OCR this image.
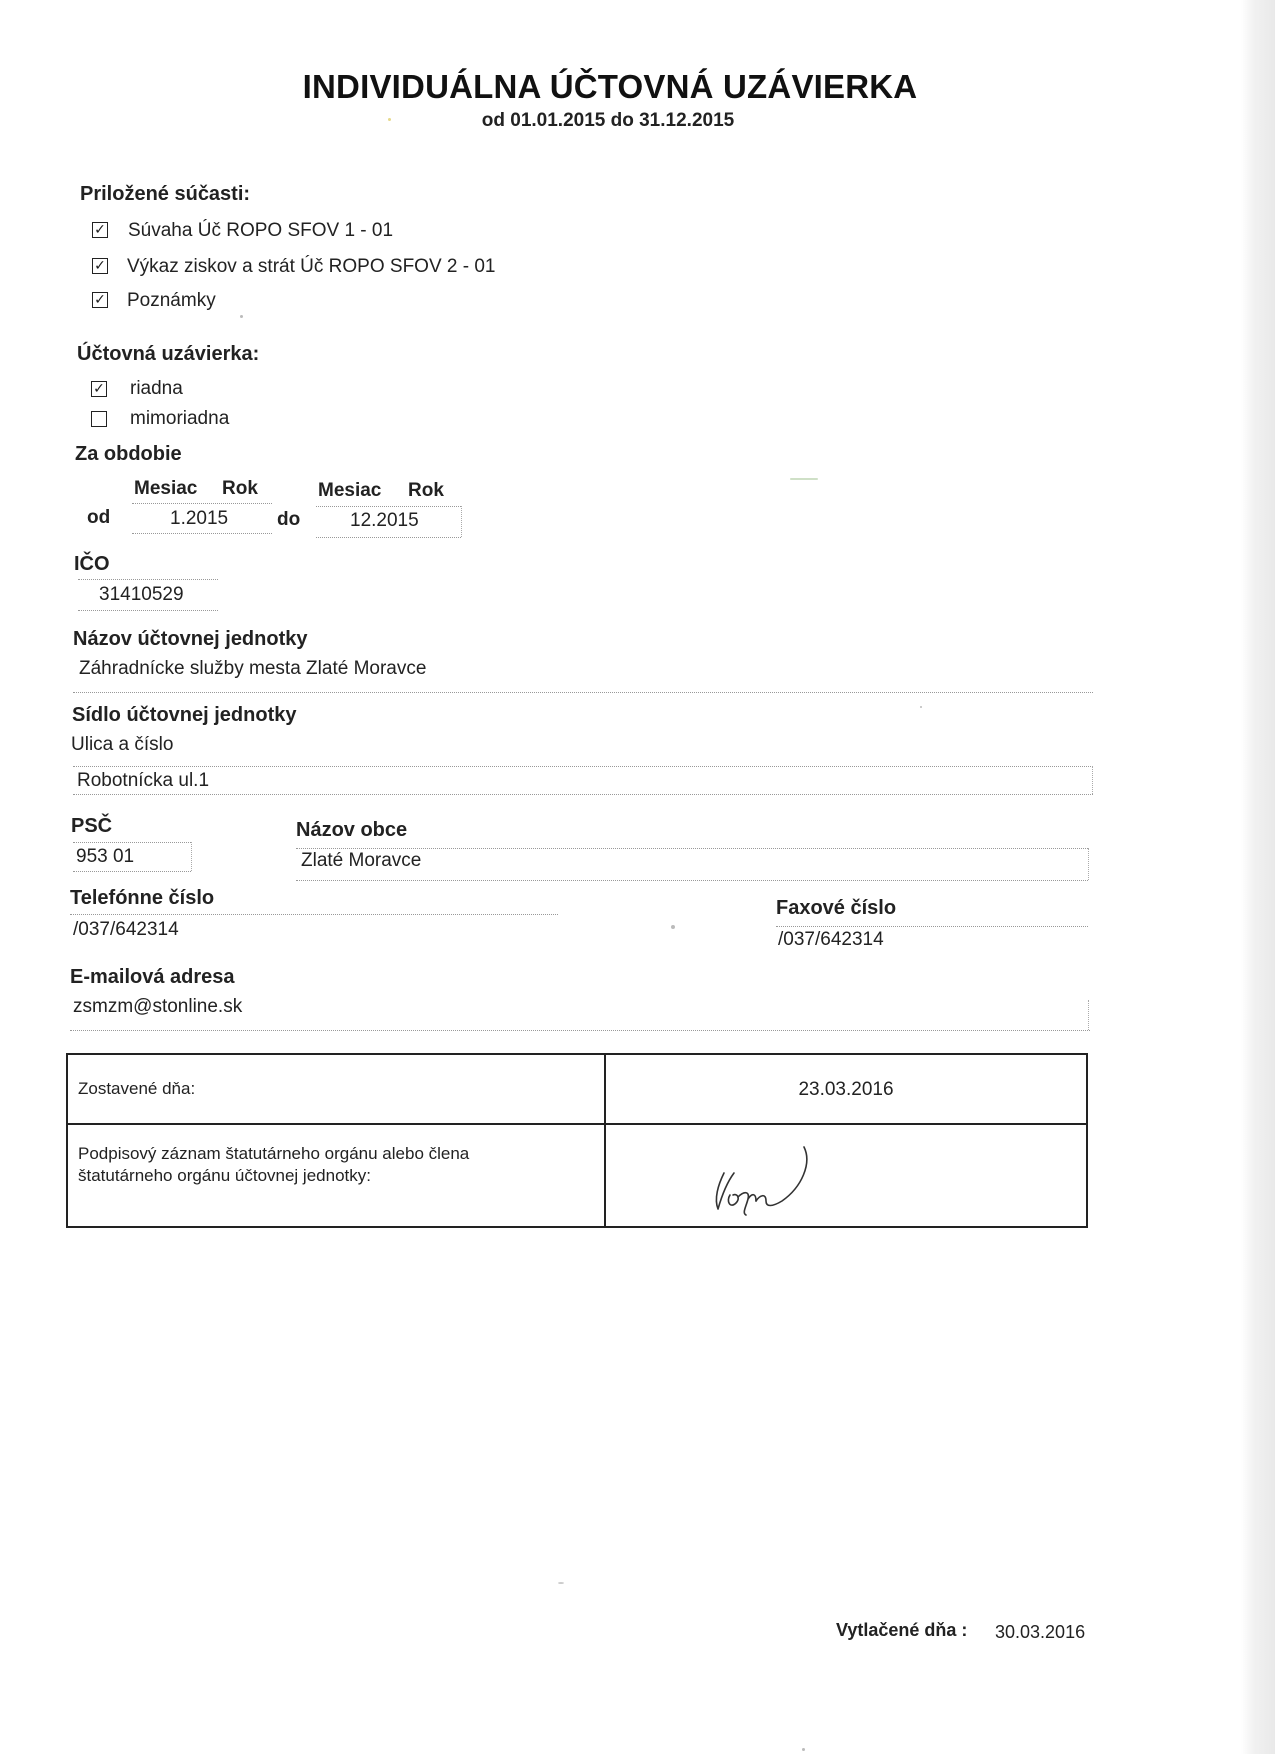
INDIVIDUÁLNA ÚČTOVNÁ UZÁVIERKA
od 01.01.2015 do 31.12.2015
Priložené súčasti:
✓ Súvaha Úč ROPO SFOV 1 - 01
✓ Výkaz ziskov a strát Úč ROPO SFOV 2 - 01
✓ Poznámky
Účtovná uzávierka:
✓ riadna
mimoriadna
Za obdobie
Mesiac Rok	Mesiac Rok
od	1.2015	do	12.2015
IČO
31410529
Názov účtovnej jednotky
Záhradnícke služby mesta Zlaté Moravce
Sídlo účtovnej jednotky
Ulica a číslo
Robotnícka ul.1
PSČ
953 01
Názov obce
Zlaté Moravce
Telefónne číslo
/037/642314
Faxové číslo
/037/642314
E-mailová adresa
zsmzm@stonline.sk
Zostavené dňa:	23.03.2016

Podpisový záznam štatutárneho orgánu alebo člena štatutárneho orgánu účtovnej jednotky:

Vytlačené dňa : 30.03.2016
